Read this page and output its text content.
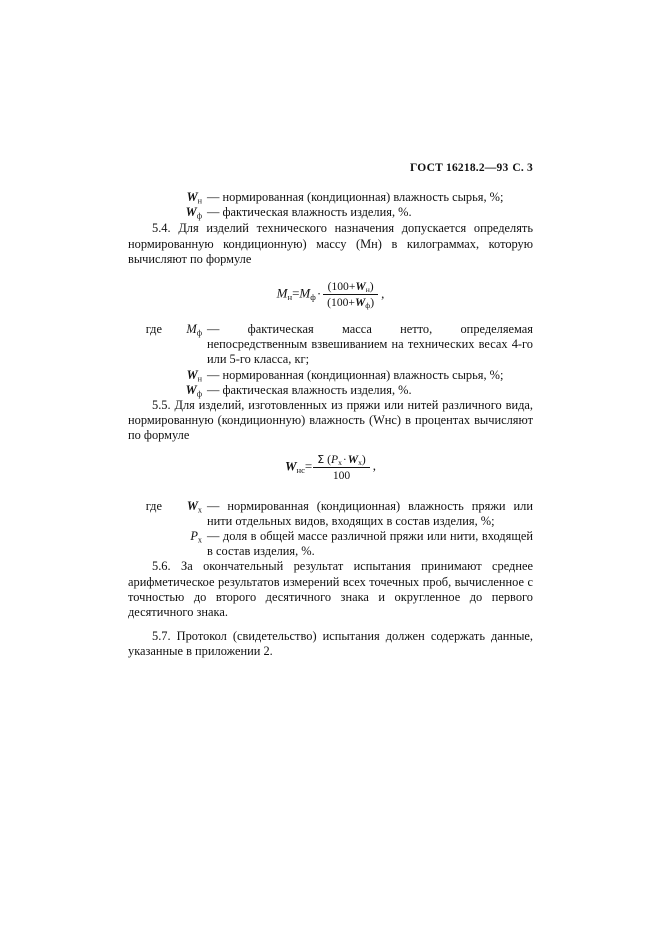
ГОСТ 16218.2—93 С. 3
$W_н$ — нормированная (кондиционная) влажность сырья, %;
$W_ф$ — фактическая влажность изделия, %.

5.4. Для изделий технического назначения допускается определять нормированную кондиционную) массу (Mн) в килограммах, которую вычисляют по формуле

$M_н=M_ф\cdot \frac{(100+W_н)}{(100+W_ф)}$ ,
где	$M_ф$ — фактическая масса нетто, определяемая непосредственным взвешиванием на технических весах 4-го или 5-го класса, кг;
$W_н$ — нормированная (кондиционная) влажность сырья, %;
$W_ф$ — фактическая влажность изделия, %.

5.5. Для изделий, изготовленных из пряжи или нитей различного вида, нормированную (кондиционную) влажность (Wнс) в процентах вычисляют по формуле

$W_{нс}= \frac{\Sigma (P_х\cdot W_х)}{100}$ ,
где	$W_х$ — нормированная (кондиционная) влажность пряжи или нити отдельных видов, входящих в состав изделия, %;
$P_х$ — доля в общей массе различной пряжи или нити, входящей в состав изделия, %.

5.6. За окончательный результат испытания принимают среднее арифметическое результатов измерений всех точечных проб, вычисленное с точностью до второго десятичного знака и округленное до первого десятичного знака.

5.7. Протокол (свидетельство) испытания должен содержать данные, указанные в приложении 2.
